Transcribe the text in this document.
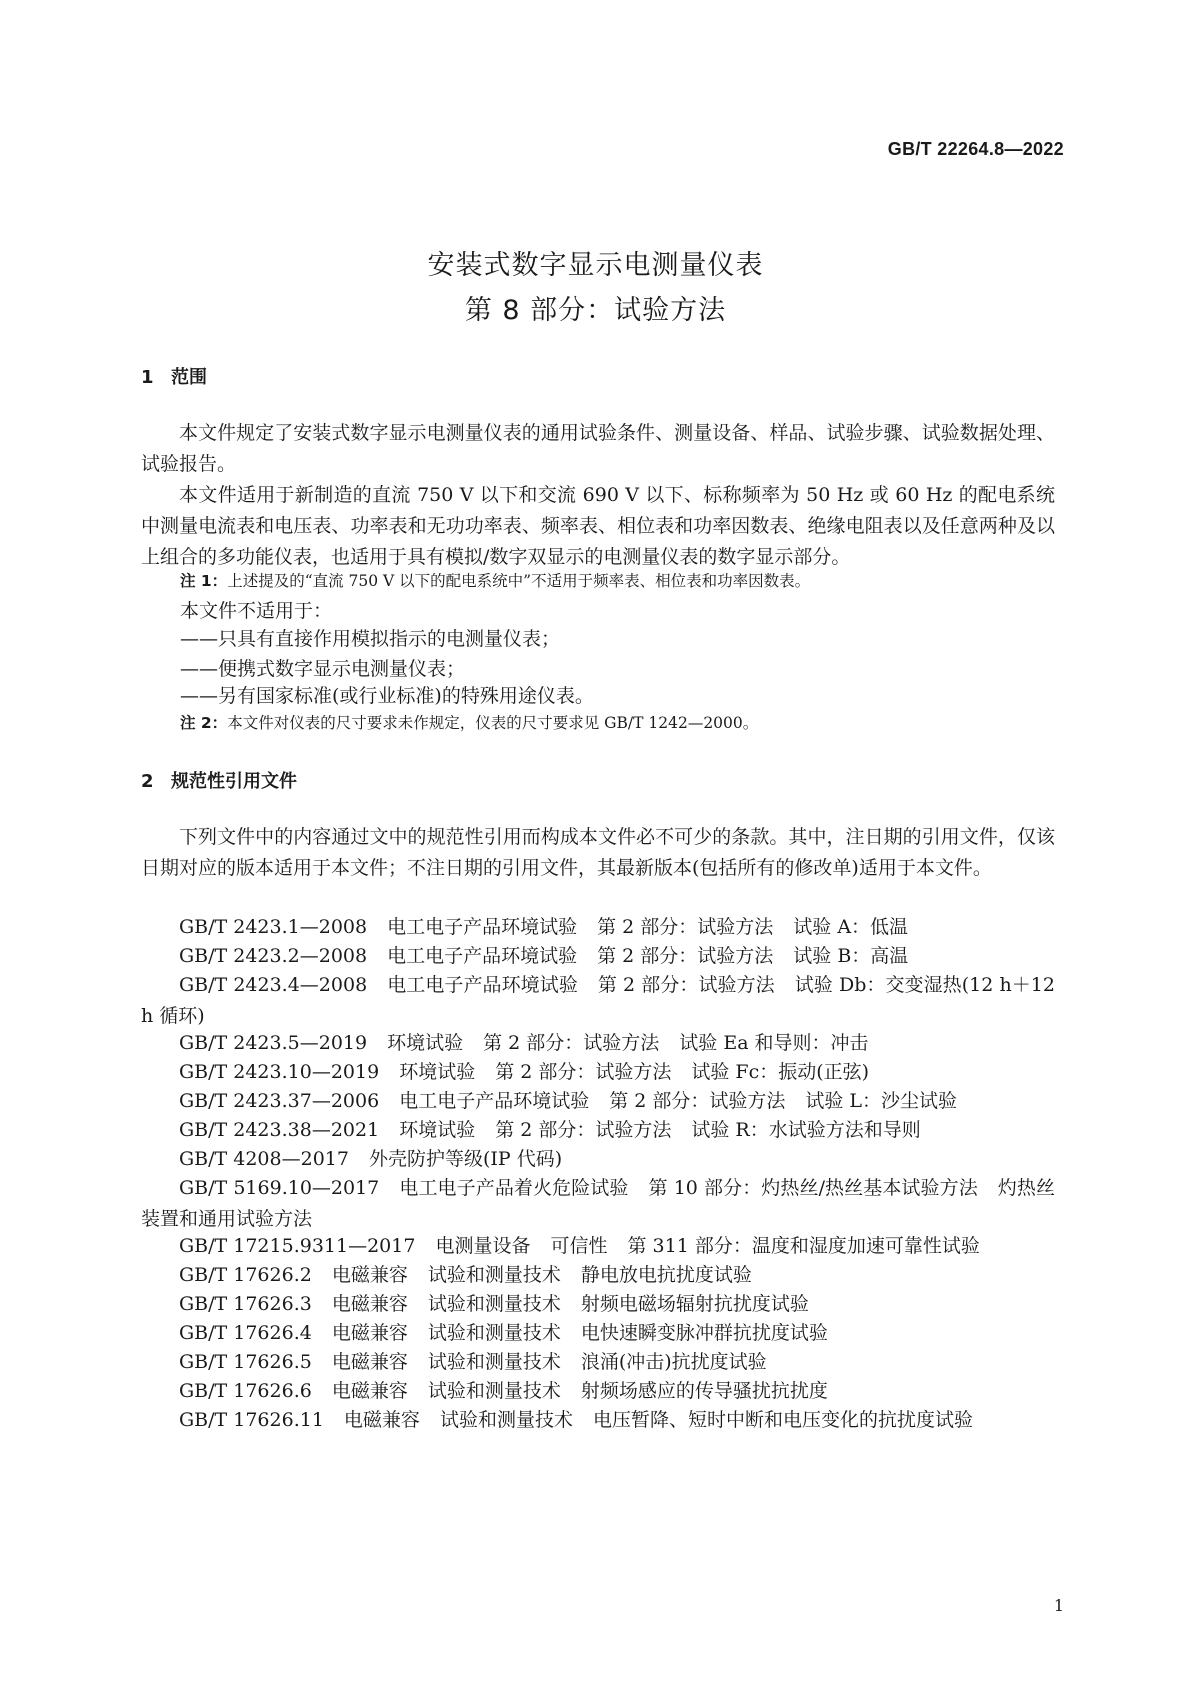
GB/T 22264.8—2022
安装式数字显示电测量仪表
第 8 部分：试验方法
1 范围
本文件规定了安装式数字显示电测量仪表的通用试验条件、测量设备、样品、试验步骤、试验数据处理、试验报告。
本文件适用于新制造的直流 750 V 以下和交流 690 V 以下、标称频率为 50 Hz 或 60 Hz 的配电系统中测量电流表和电压表、功率表和无功功率表、频率表、相位表和功率因数表、绝缘电阻表以及任意两种及以上组合的多功能仪表，也适用于具有模拟/数字双显示的电测量仪表的数字显示部分。
注 1：上述提及的“直流 750 V 以下的配电系统中”不适用于频率表、相位表和功率因数表。
本文件不适用于：
——只具有直接作用模拟指示的电测量仪表；
——便携式数字显示电测量仪表；
——另有国家标准(或行业标准)的特殊用途仪表。
注 2：本文件对仪表的尺寸要求未作规定，仪表的尺寸要求见 GB/T 1242—2000。
2 规范性引用文件
下列文件中的内容通过文中的规范性引用而构成本文件必不可少的条款。其中，注日期的引用文件，仅该日期对应的版本适用于本文件；不注日期的引用文件，其最新版本(包括所有的修改单)适用于本文件。
GB/T 2423.1—2008 电工电子产品环境试验 第 2 部分：试验方法 试验 A：低温
GB/T 2423.2—2008 电工电子产品环境试验 第 2 部分：试验方法 试验 B：高温
GB/T 2423.4—2008 电工电子产品环境试验 第 2 部分：试验方法 试验 Db：交变湿热(12 h＋12 h 循环)
GB/T 2423.5—2019 环境试验 第 2 部分：试验方法 试验 Ea 和导则：冲击
GB/T 2423.10—2019 环境试验 第 2 部分：试验方法 试验 Fc：振动(正弦)
GB/T 2423.37—2006 电工电子产品环境试验 第 2 部分：试验方法 试验 L：沙尘试验
GB/T 2423.38—2021 环境试验 第 2 部分：试验方法 试验 R：水试验方法和导则
GB/T 4208—2017 外壳防护等级(IP 代码)
GB/T 5169.10—2017 电工电子产品着火危险试验 第 10 部分：灼热丝/热丝基本试验方法 灼热丝装置和通用试验方法
GB/T 17215.9311—2017 电测量设备 可信性 第 311 部分：温度和湿度加速可靠性试验
GB/T 17626.2 电磁兼容 试验和测量技术 静电放电抗扰度试验
GB/T 17626.3 电磁兼容 试验和测量技术 射频电磁场辐射抗扰度试验
GB/T 17626.4 电磁兼容 试验和测量技术 电快速瞬变脉冲群抗扰度试验
GB/T 17626.5 电磁兼容 试验和测量技术 浪涌(冲击)抗扰度试验
GB/T 17626.6 电磁兼容 试验和测量技术 射频场感应的传导骚扰抗扰度
GB/T 17626.11 电磁兼容 试验和测量技术 电压暂降、短时中断和电压变化的抗扰度试验
1
